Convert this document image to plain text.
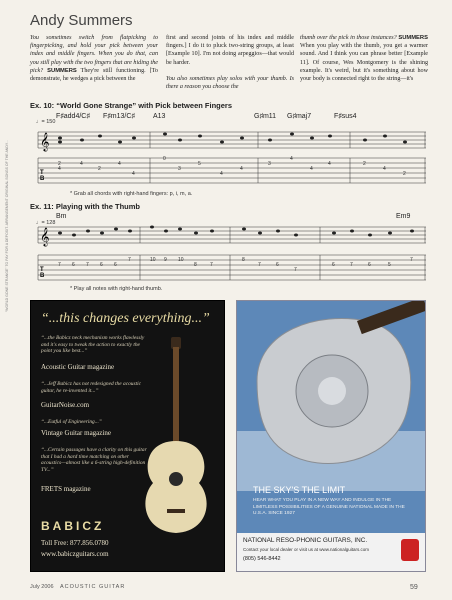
Andy Summers
“WORLD GONE STRANGE” TO PAY FOR A DEPOSIT. ARRANGEMENT ORIGINAL SONGS OF THE ANDY...
You sometimes switch from flatpicking to fingerpicking, and hold your pick between your index and middle fingers. When you do that, can you still play with the two fingers that are hiding the pick? SUMMERS They're still functioning. [To demonstrate, he wedges a pick between the
first and second joints of his index and middle fingers.] I do it to pluck two-string groups, at least [Example 10]. I'm not doing arpeggios—that would be harder.

You also sometimes play solos with your thumb. Is there a reason you choose the
thumb over the pick in those instances? SUMMERS When you play with the thumb, you get a warmer sound. And I think you can phrase better [Example 11]. Of course, Wes Montgomery is the shining example. It's weird, but it's something about how your body is connected right to the string—it's
Ex. 10: “World Gone Strange” with Pick between Fingers
♩= 150
F♯add4/C♯ F♯m13/C♯	A13	G♯m11 G♯maj7	F♯sus4
𝄞
T
B
2
4
4
2
4
4
0
3
5
4
4
3
4
4
4	2
4
2
* Grab all chords with right-hand fingers: p, i, m, a.
Ex. 11: Playing with the Thumb
♩= 128
Bm	Em9
𝄞
T
B
7 6 7 6 6
7	10 9 10
8	7
8
7	6
7
6	7	6	5
7
* Play all notes with right-hand thumb.
“...this changes everything...”
“...the Babicz neck mechanism works flawlessly and it's easy to tweak the action to exactly the point you like best...”
Acoustic Guitar magazine
“...Jeff Babicz has not redesigned the acoustic guitar, he re-invented it...”
GuitarNoise.com
“...Eutful of Engineering...”
Vintage Guitar magazine
“...Certain passages have a clarity on this guitar that I had a hard time matching on other acoustics—almost like a 6-string high-definition TV...”
FRETS magazine
BABICZ
Toll Free: 877.856.0780
www.babiczguitars.com
THE SKY'S THE LIMIT
HEAR WHAT YOU PLAY IN A NEW WAY AND INDULGE IN THE LIMITLESS POSSIBILITIES OF A GENUINE NATIONAL MADE IN THE U.S.A. SINCE 1927
NATIONAL RESO-PHONIC GUITARS, INC.
Contact your local dealer or visit us at www.nationalguitars.com
(805) 546-8442
July 2006 ACOUSTIC GUITAR	59
